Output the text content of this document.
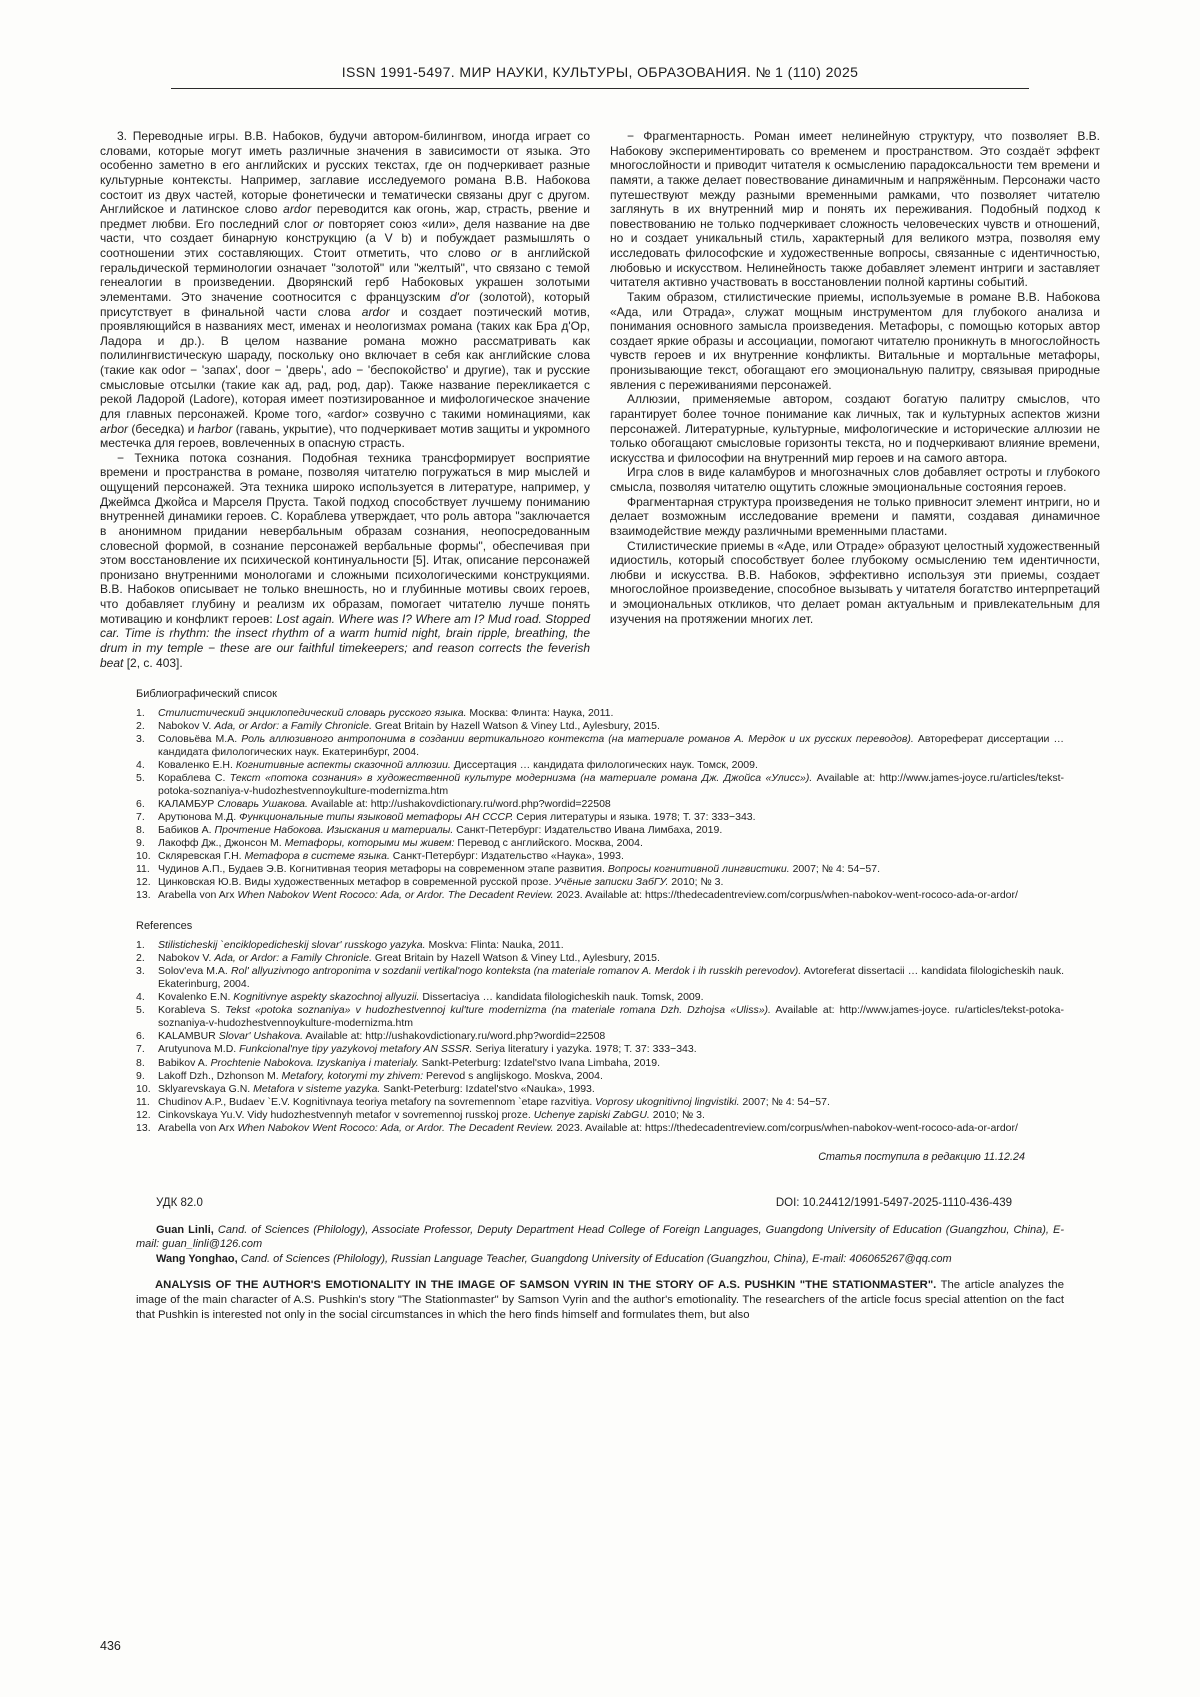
ISSN 1991-5497. МИР НАУКИ, КУЛЬТУРЫ, ОБРАЗОВАНИЯ. № 1 (110) 2025

3. Переводные игры. В.В. Набоков, будучи автором-билингвом, иногда играет со словами, которые могут иметь различные значения в зависимости от языка. Это особенно заметно в его английских и русских текстах, где он подчеркивает разные культурные контексты. Например, заглавие исследуемого романа В.В. Набокова состоит из двух частей, которые фонетически и тематически связаны друг с другом. Английское и латинское слово ardor переводится как огонь, жар, страсть, рвение и предмет любви. Его последний слог or повторяет союз «или», деля название на две части, что создает бинарную конструкцию (a V b) и побуждает размышлять о соотношении этих составляющих. Стоит отметить, что слово or в английской геральдической терминологии означает "золотой" или "желтый", что связано с темой генеалогии в произведении. Дворянский герб Набоковых украшен золотыми элементами. Это значение соотносится с французским d'or (золотой), который присутствует в финальной части слова ardor и создает поэтический мотив, проявляющийся в названиях мест, именах и неологизмах романа (таких как Бра д'Ор, Ладора и др.). В целом название романа можно рассматривать как полилингвистическую шараду, поскольку оно включает в себя как английские слова (такие как odor − 'запах', door − 'дверь', ado − 'беспокойство' и другие), так и русские смысловые отсылки (такие как ад, рад, род, дар). Также название перекликается с рекой Ладорой (Ladore), которая имеет поэтизированное и мифологическое значение для главных персонажей. Кроме того, «ardor» созвучно с такими номинациями, как arbor (беседка) и harbor (гавань, укрытие), что подчеркивает мотив защиты и укромного местечка для героев, вовлеченных в опасную страсть.

− Техника потока сознания. Подобная техника трансформирует восприятие времени и пространства в романе, позволяя читателю погружаться в мир мыслей и ощущений персонажей. Эта техника широко используется в литературе, например, у Джеймса Джойса и Марселя Пруста. Такой подход способствует лучшему пониманию внутренней динамики героев. С. Кораблева утверждает, что роль автора "заключается в анонимном придании невербальным образам сознания, неопосредованным словесной формой, в сознание персонажей вербальные формы", обеспечивая при этом восстановление их психической континуальности [5]. Итак, описание персонажей пронизано внутренними монологами и сложными психологическими конструкциями. В.В. Набоков описывает не только внешность, но и глубинные мотивы своих героев, что добавляет глубину и реализм их образам, помогает читателю лучше понять мотивацию и конфликт героев: Lost again. Where was I? Where am I? Mud road. Stopped car. Time is rhythm: the insect rhythm of a warm humid night, brain ripple, breathing, the drum in my temple − these are our faithful timekeepers; and reason corrects the feverish beat [2, с. 403].

− Фрагментарность. Роман имеет нелинейную структуру, что позволяет В.В. Набокову экспериментировать со временем и пространством. Это создаёт эффект многослойности и приводит читателя к осмыслению парадоксальности тем времени и памяти, а также делает повествование динамичным и напряжённым. Персонажи часто путешествуют между разными временными рамками, что позволяет читателю заглянуть в их внутренний мир и понять их переживания. Подобный подход к повествованию не только подчеркивает сложность человеческих чувств и отношений, но и создает уникальный стиль, характерный для великого мэтра, позволяя ему исследовать философские и художественные вопросы, связанные с идентичностью, любовью и искусством. Нелинейность также добавляет элемент интриги и заставляет читателя активно участвовать в восстановлении полной картины событий.

Таким образом, стилистические приемы, используемые в романе В.В. Набокова «Ада, или Отрада», служат мощным инструментом для глубокого анализа и понимания основного замысла произведения. Метафоры, с помощью которых автор создает яркие образы и ассоциации, помогают читателю проникнуть в многослойность чувств героев и их внутренние конфликты. Витальные и мортальные метафоры, пронизывающие текст, обогащают его эмоциональную палитру, связывая природные явления с переживаниями персонажей.

Аллюзии, применяемые автором, создают богатую палитру смыслов, что гарантирует более точное понимание как личных, так и культурных аспектов жизни персонажей. Литературные, культурные, мифологические и исторические аллюзии не только обогащают смысловые горизонты текста, но и подчеркивают влияние времени, искусства и философии на внутренний мир героев и на самого автора.

Игра слов в виде каламбуров и многозначных слов добавляет остроты и глубокого смысла, позволяя читателю ощутить сложные эмоциональные состояния героев.

Фрагментарная структура произведения не только привносит элемент интриги, но и делает возможным исследование времени и памяти, создавая динамичное взаимодействие между различными временными пластами.

Стилистические приемы в «Аде, или Отраде» образуют целостный художественный идиостиль, который способствует более глубокому осмыслению тем идентичности, любви и искусства. В.В. Набоков, эффективно используя эти приемы, создает многослойное произведение, способное вызывать у читателя богатство интерпретаций и эмоциональных откликов, что делает роман актуальным и привлекательным для изучения на протяжении многих лет.

Библиографический список
Стилистический энциклопедический словарь русского языка. Москва: Флинта: Наука, 2011.
Nabokov V. Ada, or Ardor: a Family Chronicle. Great Britain by Hazell Watson & Viney Ltd., Aylesbury, 2015.
Соловьёва М.А. Роль аллюзивного антропонима в создании вертикального контекста (на материале романов А. Мердок и их русских переводов). Автореферат диссертации … кандидата филологических наук. Екатеринбург, 2004.
Коваленко Е.Н. Когнитивные аспекты сказочной аллюзии. Диссертация … кандидата филологических наук. Томск, 2009.
Кораблева С. Текст «потока сознания» в художественной культуре модернизма (на материале романа Дж. Джойса «Улисс»). Available at: http://www.james-joyce.ru/articles/tekst-potoka-soznaniya-v-hudozhestvennoykulture-modernizma.htm
КАЛАМБУР Словарь Ушакова. Available at: http://ushakovdictionary.ru/word.php?wordid=22508
Арутюнова М.Д. Функциональные типы языковой метафоры АН СССР. Серия литературы и языка. 1978; Т. 37: 333−343.
Бабиков А. Прочтение Набокова. Изыскания и материалы. Санкт-Петербург: Издательство Ивана Лимбаха, 2019.
Лакофф Дж., Джонсон М. Метафоры, которыми мы живем: Перевод с английского. Москва, 2004.
Скляревская Г.Н. Метафора в системе языка. Санкт-Петербург: Издательство «Наука», 1993.
Чудинов А.П., Будаев Э.В. Когнитивная теория метафоры на современном этапе развития. Вопросы когнитивной лингвистики. 2007; № 4: 54−57.
Цинковская Ю.В. Виды художественных метафор в современной русской прозе. Учёные записки ЗабГУ. 2010; № 3.
Arabella von Arx When Nabokov Went Rococo: Ada, or Ardor. The Decadent Review. 2023. Available at: https://thedecadentreview.com/corpus/when-nabokov-went-rococo-ada-or-ardor/
References
Stilisticheskij `enciklopedicheskij slovar' russkogo yazyka. Moskva: Flinta: Nauka, 2011.
Nabokov V. Ada, or Ardor: a Family Chronicle. Great Britain by Hazell Watson & Viney Ltd., Aylesbury, 2015.
Solov'eva M.A. Rol' allyuzivnogo antroponima v sozdanii vertikal'nogo konteksta (na materiale romanov A. Merdok i ih russkih perevodov). Avtoreferat dissertacii … kandidata filologicheskih nauk. Ekaterinburg, 2004.
Kovalenko E.N. Kognitivnye aspekty skazochnoj allyuzii. Dissertaciya … kandidata filologicheskih nauk. Tomsk, 2009.
Korableva S. Tekst «potoka soznaniya» v hudozhestvennoj kul'ture modernizma (na materiale romana Dzh. Dzhojsa «Uliss»). Available at: http://www.james-joyce. ru/articles/tekst-potoka-soznaniya-v-hudozhestvennoykulture-modernizma.htm
KALAMBUR Slovar' Ushakova. Available at: http://ushakovdictionary.ru/word.php?wordid=22508
Arutyunova M.D. Funkcional'nye tipy yazykovoj metafory AN SSSR. Seriya literatury i yazyka. 1978; T. 37: 333−343.
Babikov A. Prochtenie Nabokova. Izyskaniya i materialy. Sankt-Peterburg: Izdatel'stvo Ivana Limbaha, 2019.
Lakoff Dzh., Dzhonson M. Metafory, kotorymi my zhivem: Perevod s anglijskogo. Moskva, 2004.
Sklyarevskaya G.N. Metafora v sisteme yazyka. Sankt-Peterburg: Izdatel'stvo «Nauka», 1993.
Chudinov A.P., Budaev `E.V. Kognitivnaya teoriya metafory na sovremennom `etape razvitiya. Voprosy ukognitivnoj lingvistiki. 2007; № 4: 54−57.
Cinkovskaya Yu.V. Vidy hudozhestvennyh metafor v sovremennoj russkoj proze. Uchenye zapiski ZabGU. 2010; № 3.
Arabella von Arx When Nabokov Went Rococo: Ada, or Ardor. The Decadent Review. 2023. Available at: https://thedecadentreview.com/corpus/when-nabokov-went-rococo-ada-or-ardor/
Статья поступила в редакцию 11.12.24
УДК 82.0	DOI: 10.24412/1991-5497-2025-1110-436-439

Guan Linli, Cand. of Sciences (Philology), Associate Professor, Deputy Department Head College of Foreign Languages, Guangdong University of Education (Guangzhou, China), E-mail: guan_linli@126.com

Wang Yonghao, Cand. of Sciences (Philology), Russian Language Teacher, Guangdong University of Education (Guangzhou, China), E-mail: 406065267@qq.com

ANALYSIS OF THE AUTHOR'S EMOTIONALITY IN THE IMAGE OF SAMSON VYRIN IN THE STORY OF A.S. PUSHKIN "THE STATIONMASTER". The article analyzes the image of the main character of A.S. Pushkin's story "The Stationmaster" by Samson Vyrin and the author's emotionality. The researchers of the article focus special attention on the fact that Pushkin is interested not only in the social circumstances in which the hero finds himself and formulates them, but also

436
